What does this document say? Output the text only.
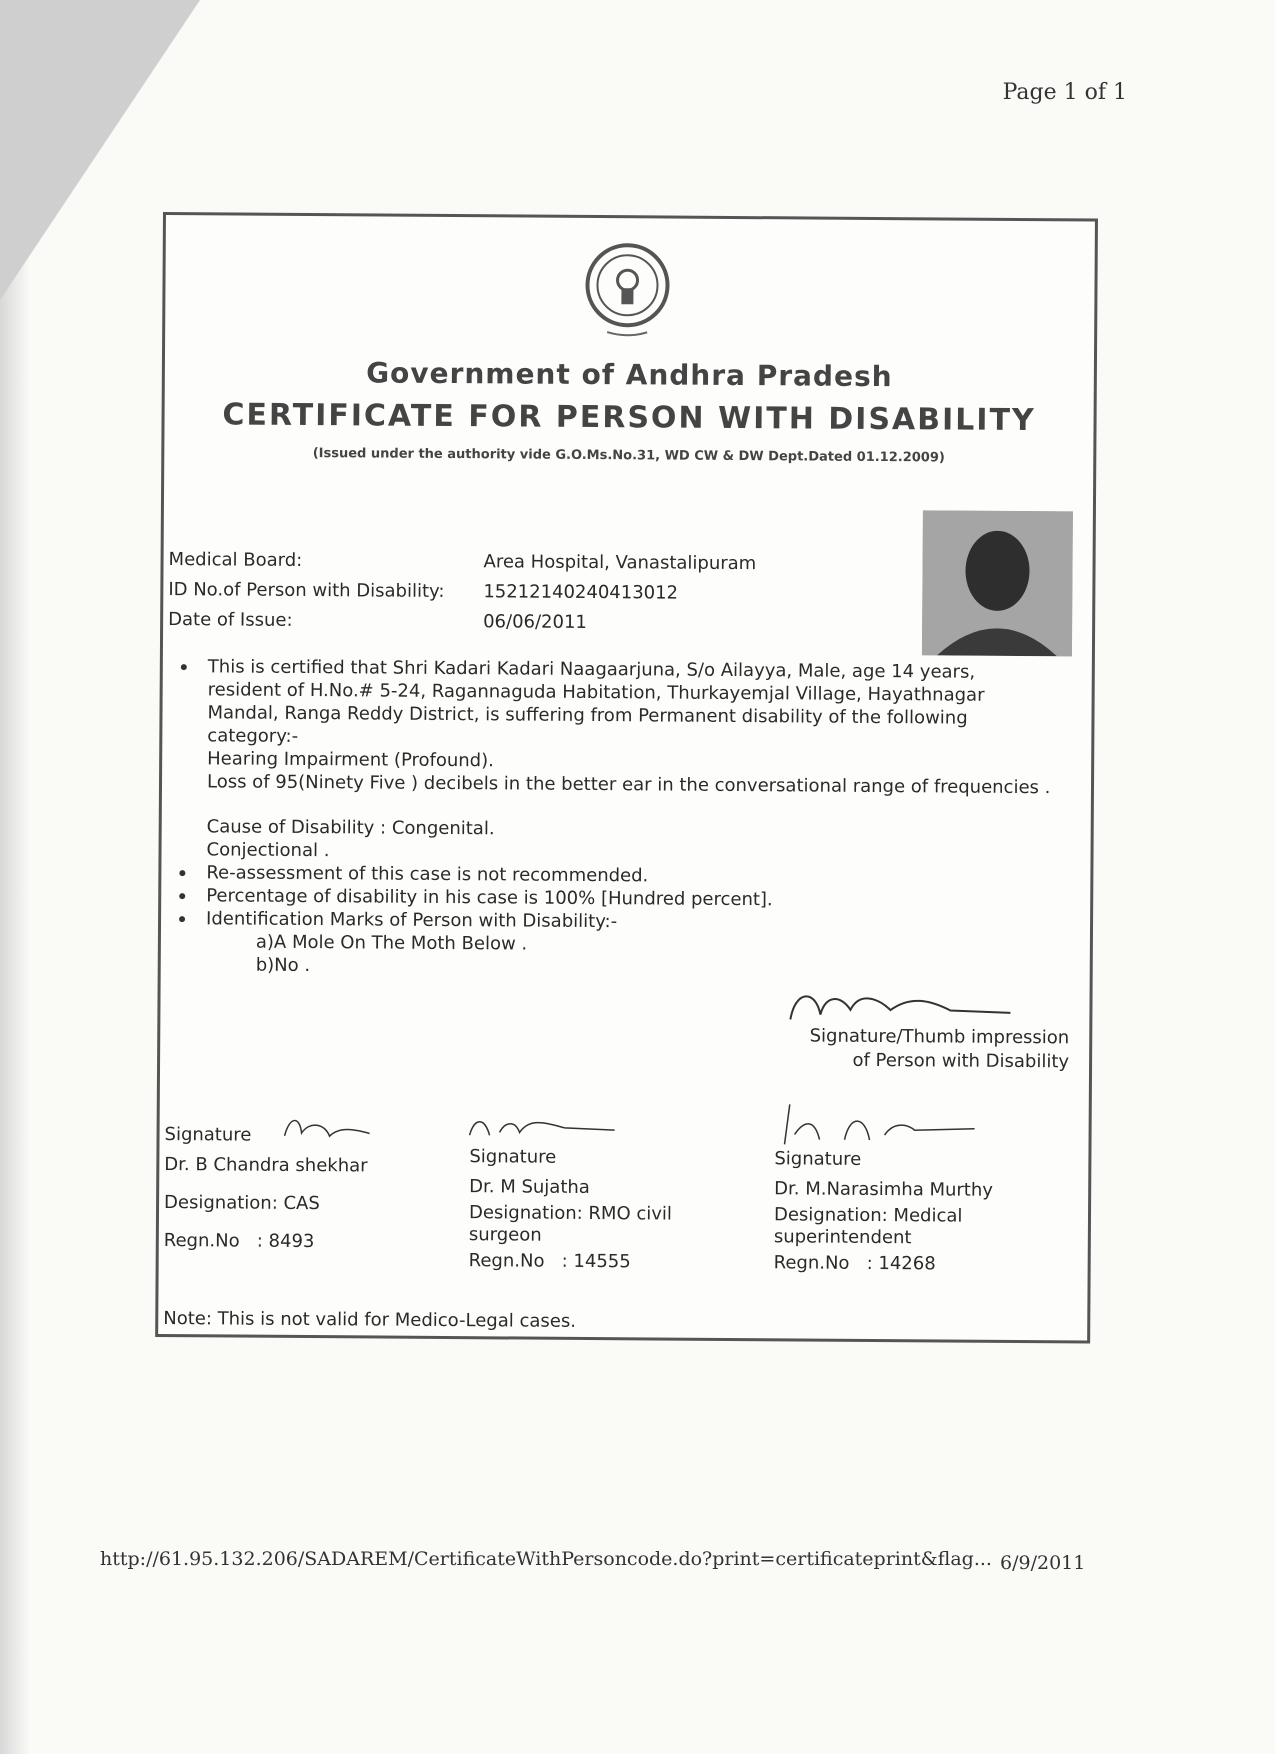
Page 1 of 1
Government of Andhra Pradesh
CERTIFICATE FOR PERSON WITH DISABILITY
(Issued under the authority vide G.O.Ms.No.31, WD CW & DW Dept.Dated 01.12.2009)
Medical Board:	Area Hospital, Vanastalipuram
ID No.of Person with Disability:	15212140240413012
Date of Issue:	06/06/2011
This is certified that Shri Kadari Kadari Naagaarjuna, S/o Ailayya, Male, age 14 years, resident of H.No.# 5-24, Ragannaguda Habitation, Thurkayemjal Village, Hayathnagar Mandal, Ranga Reddy District, is suffering from Permanent disability of the following category:-
Hearing Impairment (Profound).
Loss of 95(Ninety Five ) decibels in the better ear in the conversational range of frequencies .
Cause of Disability : Congenital.
Conjectional .
Re-assessment of this case is not recommended.
Percentage of disability in his case is 100% [Hundred percent].
Identification Marks of Person with Disability:-
a)A Mole On The Moth Below .
b)No .
Signature/Thumb impression
of Person with Disability
Signature
Dr. B Chandra shekhar
Designation: CAS
Regn.No : 8493
Signature
Dr. M Sujatha
Designation: RMO civil surgeon
Regn.No : 14555
Signature
Dr. M.Narasimha Murthy
Designation: Medical superintendent
Regn.No : 14268
Note: This is not valid for Medico-Legal cases.
http://61.95.132.206/SADAREM/CertificateWithPersoncode.do?print=certificateprint&flag... 6/9/2011
